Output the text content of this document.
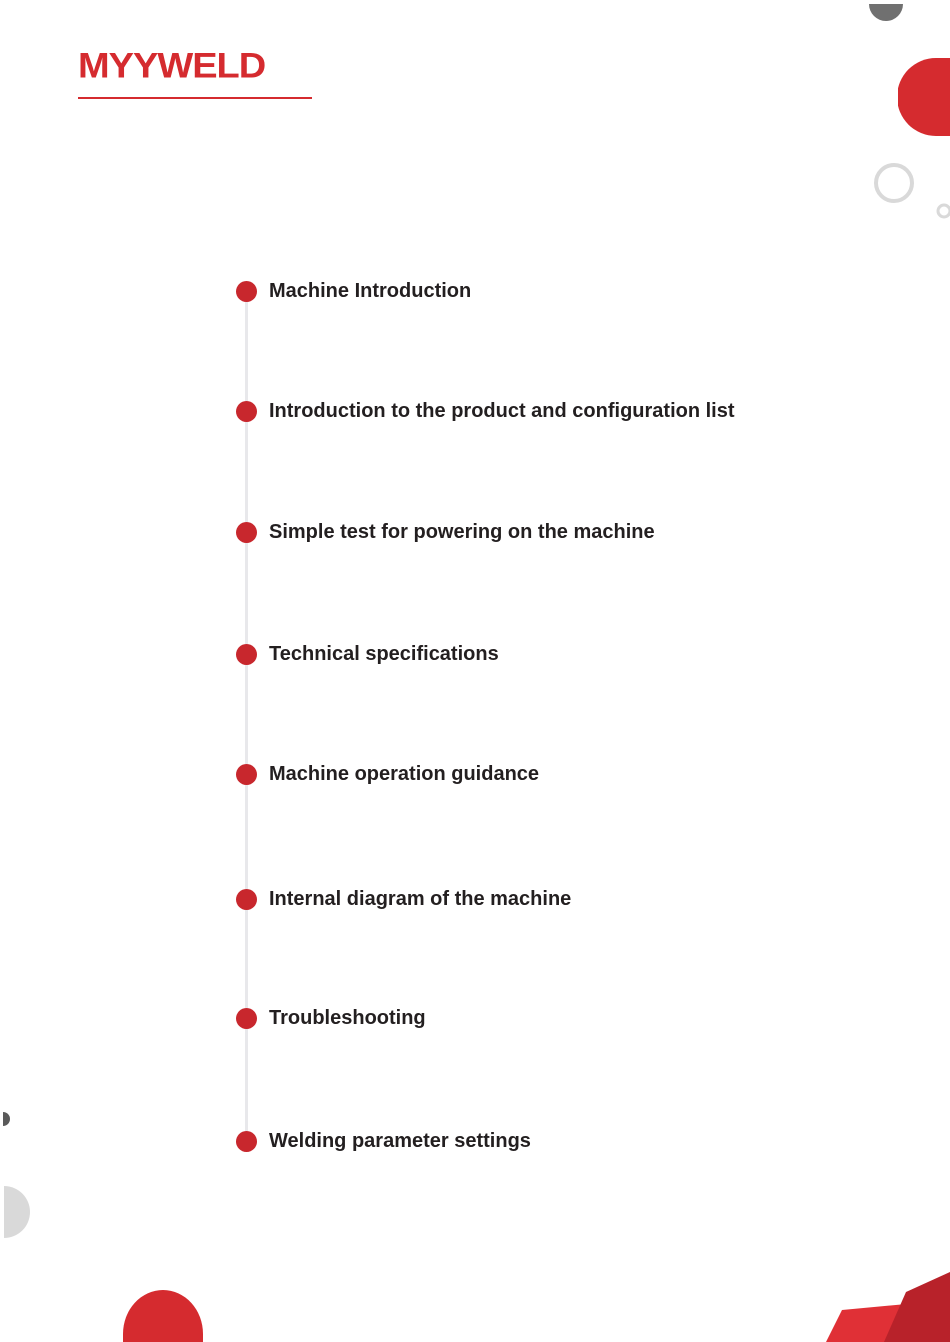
MYYWELD
Machine Introduction
Introduction to the product and configuration list
Simple test for powering on the machine
Technical specifications
Machine operation guidance
Internal diagram of the machine
Troubleshooting
Welding parameter settings
